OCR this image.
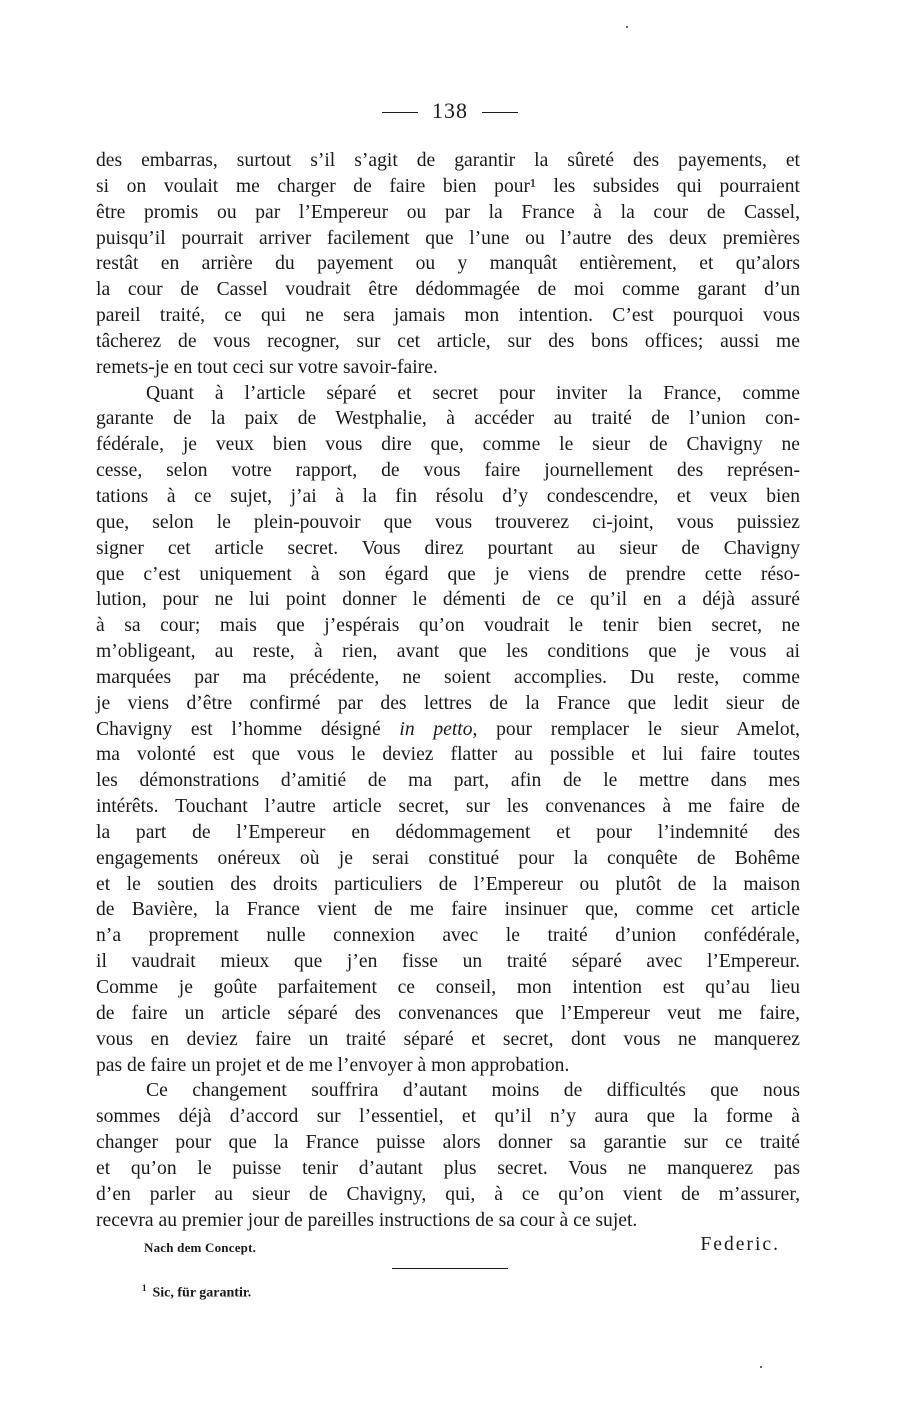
138
des embarras, surtout s’il s’agit de garantir la sûreté des payements, et
si on voulait me charger de faire bien pour¹ les subsides qui pourraient
être promis ou par l’Empereur ou par la France à la cour de Cassel,
puisqu’il pourrait arriver facilement que l’une ou l’autre des deux premières
restât en arrière du payement ou y manquât entièrement, et qu’alors
la cour de Cassel voudrait être dédommagée de moi comme garant d’un
pareil traité, ce qui ne sera jamais mon intention. C’est pourquoi vous
tâcherez de vous recogner, sur cet article, sur des bons offices; aussi me
remets-je en tout ceci sur votre savoir-faire.
Quant à l’article séparé et secret pour inviter la France, comme
garante de la paix de Westphalie, à accéder au traité de l’union con-
fédérale, je veux bien vous dire que, comme le sieur de Chavigny ne
cesse, selon votre rapport, de vous faire journellement des représen-
tations à ce sujet, j’ai à la fin résolu d’y condescendre, et veux bien
que, selon le plein-pouvoir que vous trouverez ci-joint, vous puissiez
signer cet article secret. Vous direz pourtant au sieur de Chavigny
que c’est uniquement à son égard que je viens de prendre cette réso-
lution, pour ne lui point donner le démenti de ce qu’il en a déjà assuré
à sa cour; mais que j’espérais qu’on voudrait le tenir bien secret, ne
m’obligeant, au reste, à rien, avant que les conditions que je vous ai
marquées par ma précédente, ne soient accomplies. Du reste, comme
je viens d’être confirmé par des lettres de la France que ledit sieur de
Chavigny est l’homme désigné in petto, pour remplacer le sieur Amelot,
ma volonté est que vous le deviez flatter au possible et lui faire toutes
les démonstrations d’amitié de ma part, afin de le mettre dans mes
intérêts. Touchant l’autre article secret, sur les convenances à me faire de
la part de l’Empereur en dédommagement et pour l’indemnité des
engagements onéreux où je serai constitué pour la conquête de Bohême
et le soutien des droits particuliers de l’Empereur ou plutôt de la maison
de Bavière, la France vient de me faire insinuer que, comme cet article
n’a proprement nulle connexion avec le traité d’union confédérale,
il vaudrait mieux que j’en fisse un traité séparé avec l’Empereur.
Comme je goûte parfaitement ce conseil, mon intention est qu’au lieu
de faire un article séparé des convenances que l’Empereur veut me faire,
vous en deviez faire un traité séparé et secret, dont vous ne manquerez
pas de faire un projet et de me l’envoyer à mon approbation.
Ce changement souffrira d’autant moins de difficultés que nous
sommes déjà d’accord sur l’essentiel, et qu’il n’y aura que la forme à
changer pour que la France puisse alors donner sa garantie sur ce traité
et qu’on le puisse tenir d’autant plus secret. Vous ne manquerez pas
d’en parler au sieur de Chavigny, qui, à ce qu’on vient de m’assurer,
recevra au premier jour de pareilles instructions de sa cour à ce sujet.
Nach dem Concept.	Federic.
$^1$ Sic, für garantir.
